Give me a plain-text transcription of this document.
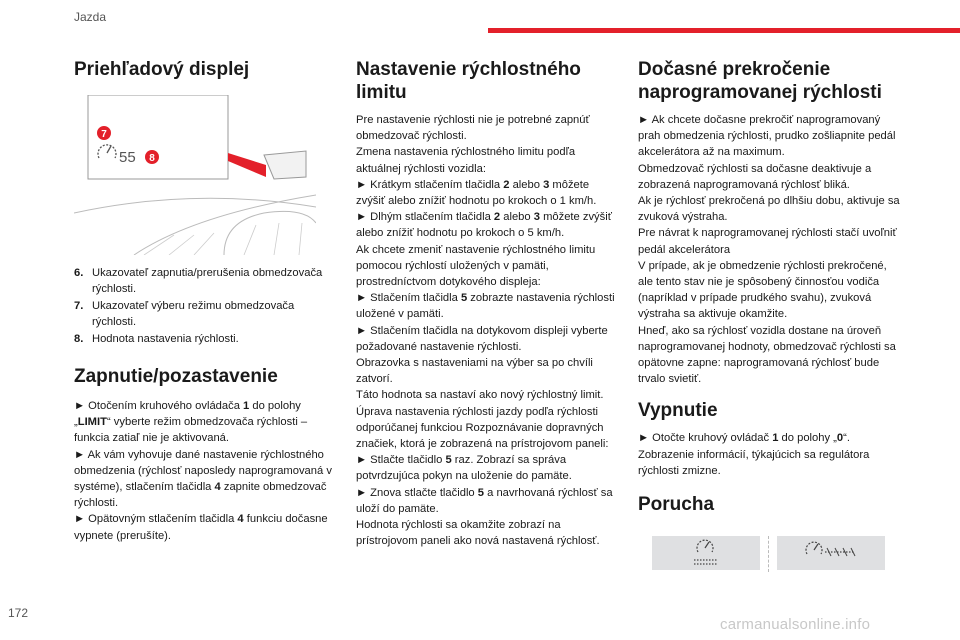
Jazda
Priehľadový displej
55
7
8
6. Ukazovateľ zapnutia/prerušenia obmedzovača rýchlosti.
7. Ukazovateľ výberu režimu obmedzovača rýchlosti.
8. Hodnota nastavenia rýchlosti.
Zapnutie/pozastavenie
► Otočením kruhového ovládača 1 do polohy „LIMIT“ vyberte režim obmedzovača rýchlosti – funkcia zatiaľ nie je aktivovaná.
► Ak vám vyhovuje dané nastavenie rýchlostného obmedzenia (rýchlosť naposledy naprogramovaná v systéme), stlačením tlačidla 4 zapnite obmedzovač rýchlosti.
► Opätovným stlačením tlačidla 4 funkciu dočasne vypnete (prerušíte).
Nastavenie rýchlostného limitu
Pre nastavenie rýchlosti nie je potrebné zapnúť obmedzovač rýchlosti.
Zmena nastavenia rýchlostného limitu podľa aktuálnej rýchlosti vozidla:
► Krátkym stlačením tlačidla 2 alebo 3 môžete zvýšiť alebo znížiť hodnotu po krokoch o 1 km/h.
► Dlhým stlačením tlačidla 2 alebo 3 môžete zvýšiť alebo znížiť hodnotu po krokoch o 5 km/h.
Ak chcete zmeniť nastavenie rýchlostného limitu pomocou rýchlostí uložených v pamäti, prostredníctvom dotykového displeja:
► Stlačením tlačidla 5 zobrazte nastavenia rýchlosti uložené v pamäti.
► Stlačením tlačidla na dotykovom displeji vyberte požadované nastavenie rýchlosti.
Obrazovka s nastaveniami na výber sa po chvíli zatvorí.
Táto hodnota sa nastaví ako nový rýchlostný limit.
Úprava nastavenia rýchlosti jazdy podľa rýchlosti odporúčanej funkciou Rozpoznávanie dopravných značiek, ktorá je zobrazená na prístrojovom paneli:
► Stlačte tlačidlo 5 raz. Zobrazí sa správa potvrdzujúca pokyn na uloženie do pamäte.
► Znova stlačte tlačidlo 5 a navrhovaná rýchlosť sa uloží do pamäte.
Hodnota rýchlosti sa okamžite zobrazí na prístrojovom paneli ako nová nastavená rýchlosť.
Dočasné prekročenie naprogramovanej rýchlosti
► Ak chcete dočasne prekročiť naprogramovaný prah obmedzenia rýchlosti, prudko zošliapnite pedál akcelerátora až na maximum.
Obmedzovač rýchlosti sa dočasne deaktivuje a zobrazená naprogramovaná rýchlosť bliká.
Ak je rýchlosť prekročená po dlhšiu dobu, aktivuje sa zvuková výstraha.
Pre návrat k naprogramovanej rýchlosti stačí uvoľniť pedál akcelerátora
V prípade, ak je obmedzenie rýchlosti prekročené, ale tento stav nie je spôsobený činnosťou vodiča (napríklad v prípade prudkého svahu), zvuková výstraha sa aktivuje okamžite.
Hneď, ako sa rýchlosť vozidla dostane na úroveň naprogramovanej hodnoty, obmedzovač rýchlosti sa opätovne zapne: naprogramovaná rýchlosť bude trvalo svietiť.
Vypnutie
► Otočte kruhový ovládač 1 do polohy „0“.
Zobrazenie informácií, týkajúcich sa regulátora rýchlosti zmizne.
Porucha
172
carmanualsonline.info
